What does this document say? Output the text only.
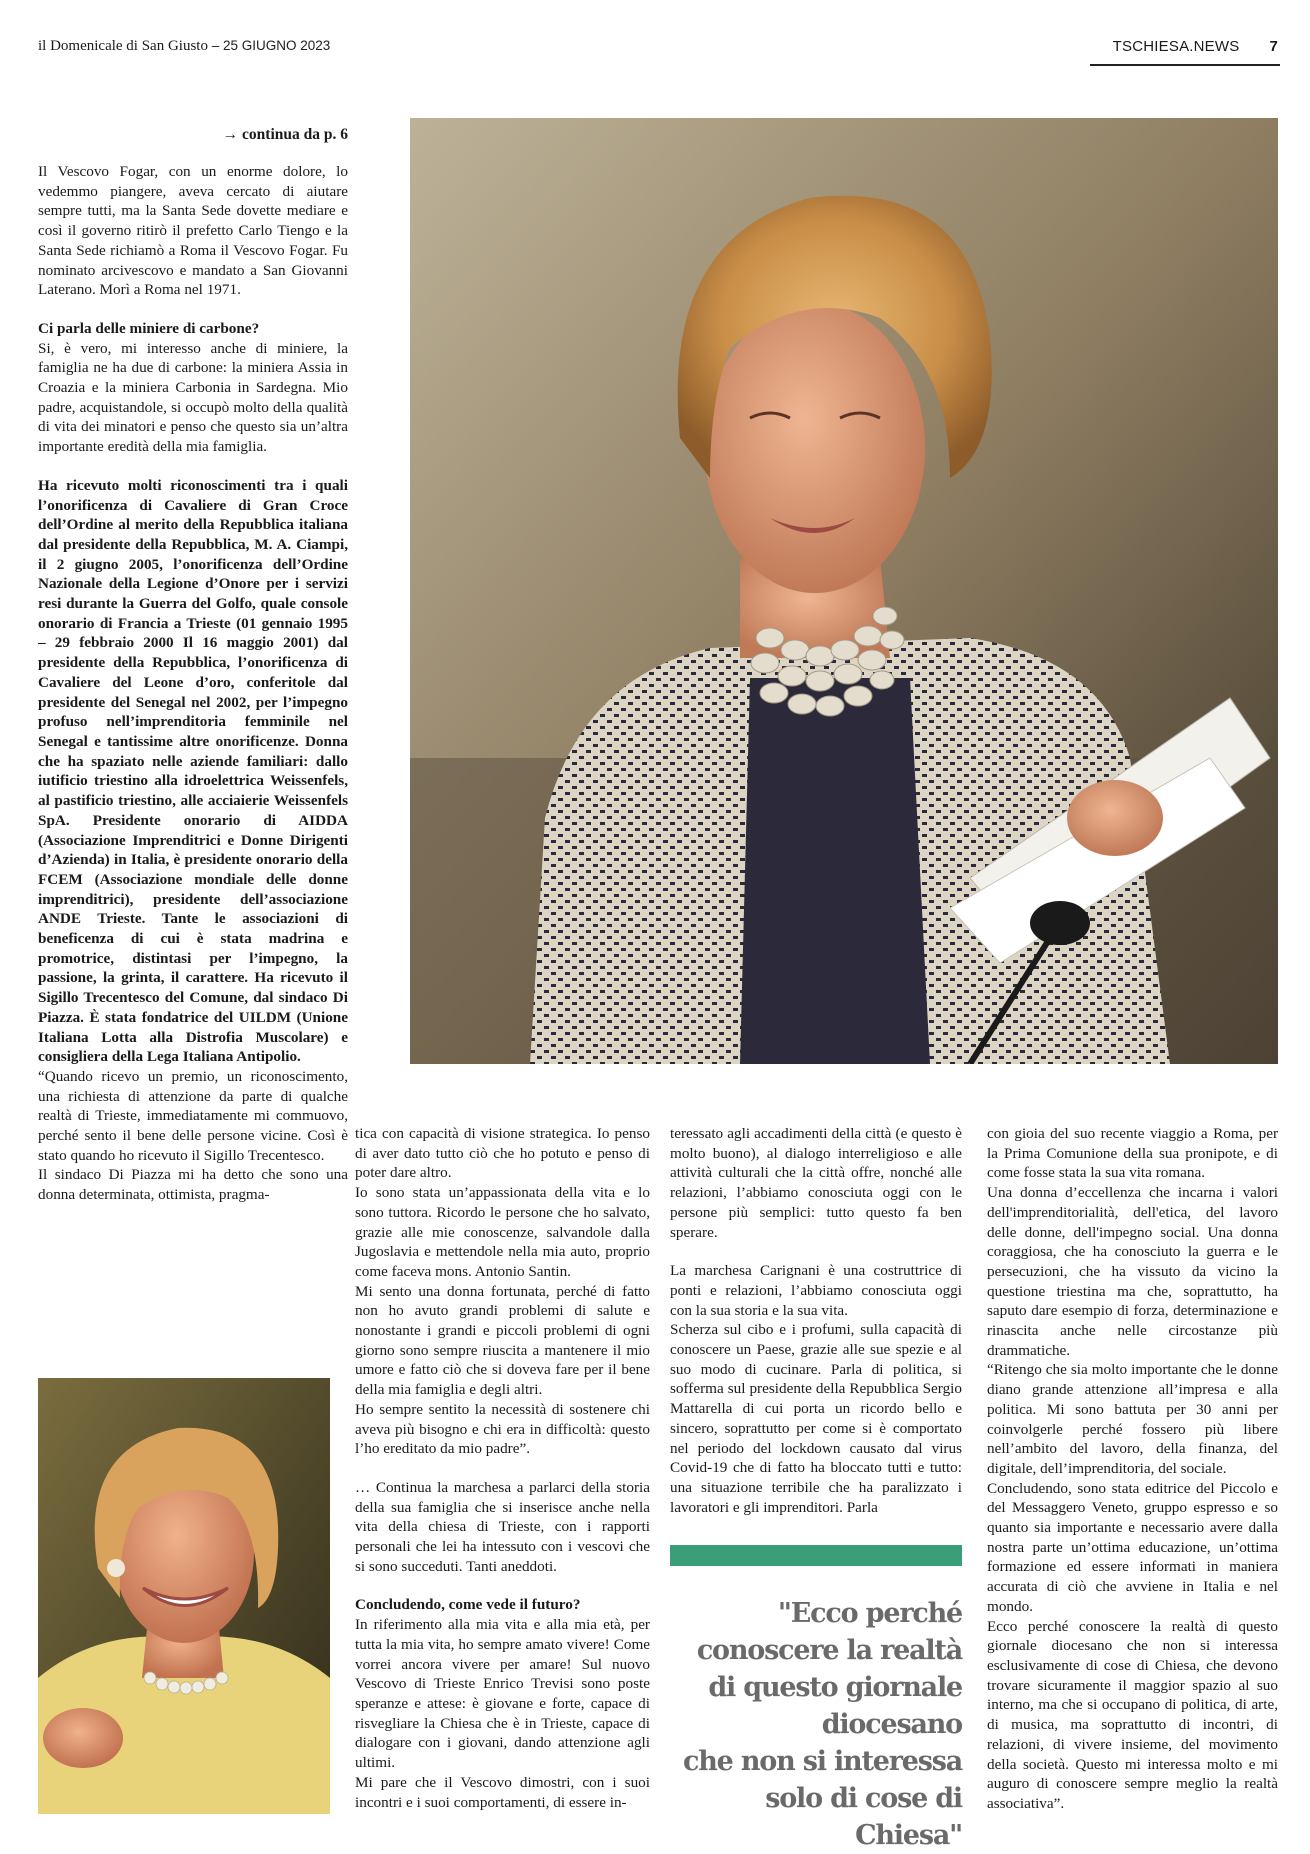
il Domenicale di San Giusto – 25 GIUGNO 2023	TSCHIESA.NEWS 7
→ continua da p. 6

Il Vescovo Fogar, con un enorme dolore, lo vedemmo piangere, aveva cercato di aiutare sempre tutti, ma la Santa Sede dovette mediare e così il governo ritirò il prefetto Carlo Tiengo e la Santa Sede richiamò a Roma il Vescovo Fogar. Fu nominato arcivescovo e mandato a San Giovanni Laterano. Morì a Roma nel 1971.

Ci parla delle miniere di carbone?

Si, è vero, mi interesso anche di miniere, la famiglia ne ha due di carbone: la miniera Assia in Croazia e la miniera Carbonia in Sardegna. Mio padre, acquistandole, si occupò molto della qualità di vita dei minatori e penso che questo sia un’altra importante eredità della mia famiglia.

Ha ricevuto molti riconoscimenti tra i quali l’onorificenza di Cavaliere di Gran Croce dell’Ordine al merito della Repubblica italiana dal presidente della Repubblica, M. A. Ciampi, il 2 giugno 2005, l’onorificenza dell’Ordine Nazionale della Legione d’Onore per i servizi resi durante la Guerra del Golfo, quale console onorario di Francia a Trieste (01 gennaio 1995 – 29 febbraio 2000 Il 16 maggio 2001) dal presidente della Repubblica, l’onorificenza di Cavaliere del Leone d’oro, conferitole dal presidente del Senegal nel 2002, per l’impegno profuso nell’imprenditoria femminile nel Senegal e tantissime altre onorificenze. Donna che ha spaziato nelle aziende familiari: dallo iutificio triestino alla idroelettrica Weissenfels, al pastificio triestino, alle acciaierie Weissenfels SpA. Presidente onorario di AIDDA (Associazione Imprenditrici e Donne Dirigenti d’Azienda) in Italia, è presidente onorario della FCEM (Associazione mondiale delle donne imprenditrici), presidente dell’associazione ANDE Trieste. Tante le associazioni di beneficenza di cui è stata madrina e promotrice, distintasi per l’impegno, la passione, la grinta, il carattere. Ha ricevuto il Sigillo Trecentesco del Comune, dal sindaco Di Piazza. È stata fondatrice del UILDM (Unione Italiana Lotta alla Distrofia Muscolare) e consigliera della Lega Italiana Antipolio.

“Quando ricevo un premio, un riconoscimento, una richiesta di attenzione da parte di qualche realtà di Trieste, immediatamente mi commuovo, perché sento il bene delle persone vicine. Così è stato quando ho ricevuto il Sigillo Trecentesco.

Il sindaco Di Piazza mi ha detto che sono una donna determinata, ottimista, pragma-

tica con capacità di visione strategica. Io penso di aver dato tutto ciò che ho potuto e penso di poter dare altro.

Io sono stata un’appassionata della vita e lo sono tuttora. Ricordo le persone che ho salvato, grazie alle mie conoscenze, salvandole dalla Jugoslavia e mettendole nella mia auto, proprio come faceva mons. Antonio Santin.

Mi sento una donna fortunata, perché di fatto non ho avuto grandi problemi di salute e nonostante i grandi e piccoli problemi di ogni giorno sono sempre riuscita a mantenere il mio umore e fatto ciò che si doveva fare per il bene della mia famiglia e degli altri.

Ho sempre sentito la necessità di sostenere chi aveva più bisogno e chi era in difficoltà: questo l’ho ereditato da mio padre”.

… Continua la marchesa a parlarci della storia della sua famiglia che si inserisce anche nella vita della chiesa di Trieste, con i rapporti personali che lei ha intessuto con i vescovi che si sono succeduti. Tanti aneddoti.

Concludendo, come vede il futuro?

In riferimento alla mia vita e alla mia età, per tutta la mia vita, ho sempre amato vivere! Come vorrei ancora vivere per amare! Sul nuovo Vescovo di Trieste Enrico Trevisi sono poste speranze e attese: è giovane e forte, capace di risvegliare la Chiesa che è in Trieste, capace di dialogare con i giovani, dando attenzione agli ultimi.

Mi pare che il Vescovo dimostri, con i suoi incontri e i suoi comportamenti, di essere in-

teressato agli accadimenti della città (e questo è molto buono), al dialogo interreligioso e alle attività culturali che la città offre, nonché alle relazioni, l’abbiamo conosciuta oggi con le persone più semplici: tutto questo fa ben sperare.

La marchesa Carignani è una costruttrice di ponti e relazioni, l’abbiamo conosciuta oggi con la sua storia e la sua vita.

Scherza sul cibo e i profumi, sulla capacità di conoscere un Paese, grazie alle sue spezie e al suo modo di cucinare. Parla di politica, si sofferma sul presidente della Repubblica Sergio Mattarella di cui porta un ricordo bello e sincero, soprattutto per come si è comportato nel periodo del lockdown causato dal virus Covid-19 che di fatto ha bloccato tutti e tutto: una situazione terribile che ha paralizzato i lavoratori e gli imprenditori. Parla

con gioia del suo recente viaggio a Roma, per la Prima Comunione della sua pronipote, e di come fosse stata la sua vita romana.

Una donna d’eccellenza che incarna i valori dell'imprenditorialità, dell'etica, del lavoro delle donne, dell'impegno social. Una donna coraggiosa, che ha conosciuto la guerra e le persecuzioni, che ha vissuto da vicino la questione triestina ma che, soprattutto, ha saputo dare esempio di forza, determinazione e rinascita anche nelle circostanze più drammatiche.

“Ritengo che sia molto importante che le donne diano grande attenzione all’impresa e alla politica. Mi sono battuta per 30 anni per coinvolgerle perché fossero più libere nell’ambito del lavoro, della finanza, del digitale, dell’imprenditoria, del sociale.

Concludendo, sono stata editrice del Piccolo e del Messaggero Veneto, gruppo espresso e so quanto sia importante e necessario avere dalla nostra parte un’ottima educazione, un’ottima formazione ed essere informati in maniera accurata di ciò che avviene in Italia e nel mondo.

Ecco perché conoscere la realtà di questo giornale diocesano che non si interessa esclusivamente di cose di Chiesa, che devono trovare sicuramente il maggior spazio al suo interno, ma che si occupano di politica, di arte, di musica, ma soprattutto di incontri, di relazioni, di vivere insieme, del movimento della società. Questo mi interessa molto e mi auguro di conoscere sempre meglio la realtà associativa”.

"Ecco perché
conoscere la realtà
di questo giornale
diocesano
che non si interessa
solo di cose di Chiesa"
